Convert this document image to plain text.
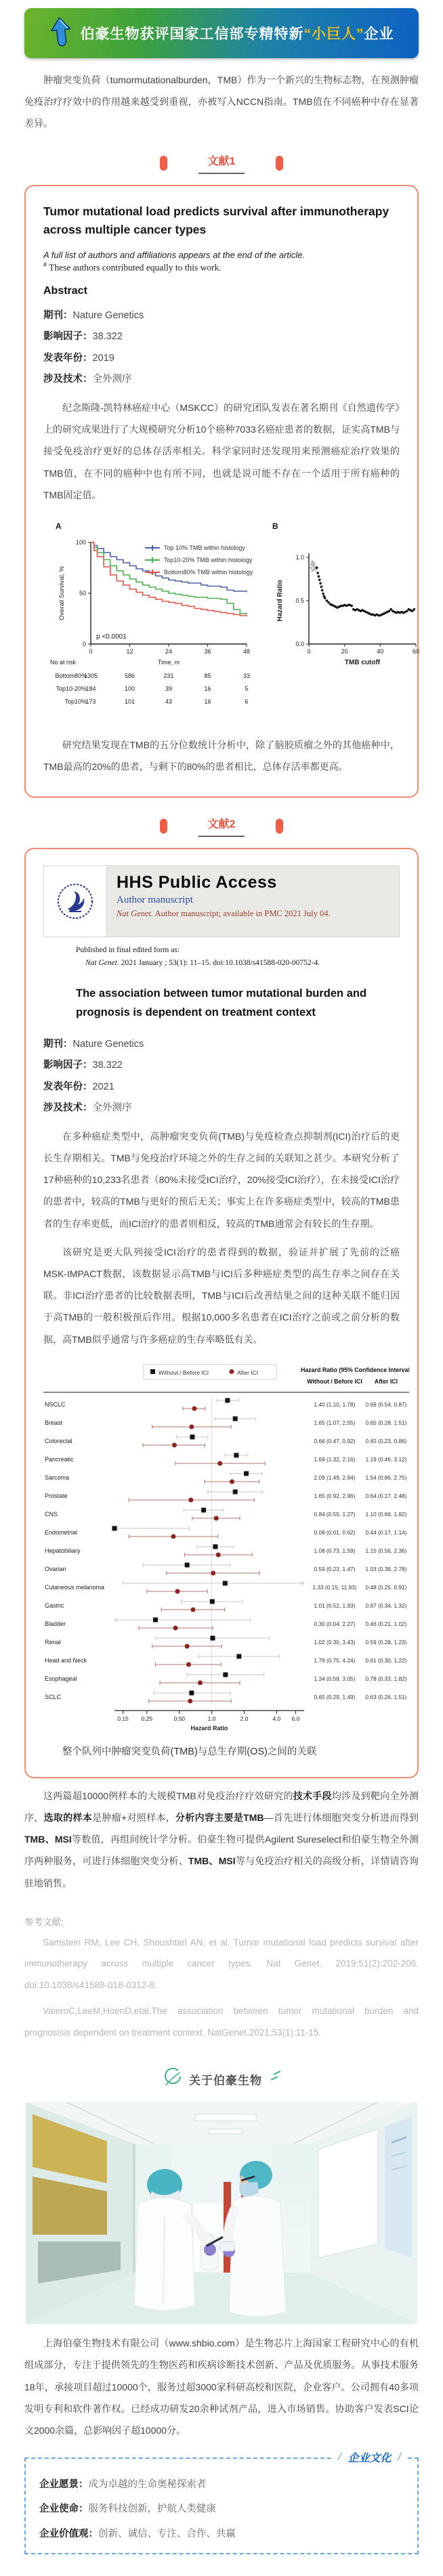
伯豪生物获评国家工信部专精特新“小巨人”企业

肿瘤突变负荷（tumormutationalburden，TMB）作为一个新兴的生物标志物，在预测肿瘤免疫治疗疗效中的作用越来越受到重视，亦被写入NCCN指南。TMB值在不同癌种中存在显著差异。

文献1
Tumor mutational load predicts survival after immunotherapy across multiple cancer types
A full list of authors and affiliations appears at the end of the article.
# These authors contributed equally to this work.
Abstract
期刊：Nature Genetics
影响因子：38.322
发表年份：2019
涉及技术：全外测序

纪念斯隆-凯特林癌症中心（MSKCC）的研究团队发表在著名期刊《自然遗传学》上的研究成果进行了大规模研究分析10个癌种7033名癌症患者的数据，证实高TMB与接受免疫治疗更好的总体存活率相关。科学家同时还发现用来预测癌症治疗效果的TMB值，在不同的癌种中也有所不同，也就是说可能不存在一个适用于所有癌种的TMB固定值。

A
0
50
100
0	12	24	36	48
Overall Survival, %
Top 10% TMB within histology
Top10-20% TMB within histology
Bottom80% TMB within histology
p <0.0001
No at risk	Time, m
Bottom80%
1305	586	231	85	33
Top10-20%
184	100	39	16	5
Top10%
173	101	43	16	6
B
0.0
0.5
1.0
0	20	40	60
Hazard Ratio
TMB cutoff

研究结果发现在TMB的五分位数统计分析中，除了脑胶质瘤之外的其他癌种中，TMB最高的20%的患者，与剩下的80%的患者相比，总体存活率都更高。

文献2
HHS Public Access
Author manuscript
Nat Genet. Author manuscript; available in PMC 2021 July 04.
Published in final edited form as:
Nat Genet. 2021 January ; 53(1): 11–15. doi:10.1038/s41588-020-00752-4.
The association between tumor mutational burden and prognosis is dependent on treatment context
期刊：Nature Genetics
影响因子：38.322
发表年份：2021
涉及技术：全外测序

在多种癌症类型中，高肿瘤突变负荷(TMB)与免疫检查点抑制剂(ICI)治疗后的更长生存期相关。TMB与免疫治疗环境之外的生存之间的关联知之甚少。本研究分析了17种癌种的10,233名患者（80%未接受ICI治疗，20%接受ICI治疗），在未接受ICI治疗的患者中，较高的TMB与更好的预后无关；事实上在许多癌症类型中，较高的TMB患者的生存率更低，而ICI治疗的患者则相反，较高的TMB通常会有较长的生存期。

该研究是更大队列接受ICI治疗的患者得到的数据，验证并扩展了先前的泛癌MSK-IMPACT数据，该数据显示高TMB与ICI后多种癌症类型的高生存率之间存在关联。非ICI治疗患者的比较数据表明，TMB与ICI后改善结果之间的这种关联不能归因于高TMB的一般积极预后作用。根据10,000多名患者在ICI治疗之前或之前分析的数据，高TMB似乎通常与许多癌症的生存率略低有关。

Without / Before ICI	After ICI	Hazard Ratio (95% Confidence Interval)
Without / Before ICI After ICI
NSCLC	1.40 (1.10, 1.78) 0.69 (0.54, 0.87)
Breast	1.65 (1.07, 2.55) 0.65 (0.28, 1.51)
Colorectal	0.66 (0.47, 0.92) 0.45 (0.23, 0.86)
Pancreatic	1.69 (1.32, 2.16) 1.19 (0.46, 3.12)
Sarcoma	2.09 (1.49, 2.94) 1.54 (0.86, 2.75)
Prostate	1.65 (0.92, 2.96) 0.64 (0.17, 2.48)
CNS	0.84 (0.55, 1.27) 1.10 (0.66, 1.82)
Endometrial	0.08 (0.01, 0.62) 0.44 (0.17, 1.14)
Hepatobiliary	1.08 (0.73, 1.59) 1.15 (0.56, 2.36)
Ovarian	0.59 (0.23, 1.47) 1.03 (0.38, 2.78)
Cutaneous melanoma	1.33 (0.15, 11.93) 0.48 (0.25, 0.91)
Gastric	1.01 (0.52, 1.93) 0.67 (0.34, 1.32)
Bladder	0.30 (0.04, 2.27) 0.46 (0.21, 1.02)
Renal	1.02 (0.30, 3.43) 0.59 (0.28, 1.23)
Head and Neck	1.79 (0.75, 4.24) 0.61 (0.30, 1.22)
Esophageal	1.34 (0.59, 3.05) 0.78 (0.33, 1.82)
SCLC	0.65 (0.29, 1.49) 0.63 (0.26, 1.51)
0.15 0.25	0.50	1.0	2.0	4.0 6.0
Hazard Ratio
整个队列中肿瘤突变负荷(TMB)与总生存期(OS)之间的关联

这两篇超10000例样本的大规模TMB对免疫治疗疗效研究的技术手段均涉及到靶向全外测序，选取的样本是肿瘤+对照样本，分析内容主要是TMB—首先进行体细胞突变分析进而得到TMB、MSI等数值，再组间统计学分析。伯豪生物可提供Agilent Sureselect和伯豪生物全外测序两种服务，可进行体细胞突变分析、TMB、MSI等与免疫治疗相关的高级分析，详情请咨询驻地销售。

参考文献:

Samstein RM, Lee CH, Shoushtari AN, et al. Tumor mutational load predicts survival after immunotherapy across multiple cancer types. Nat Genet. 2019;51(2):202-206. doi:10.1038/s41588-018-0312-8.

ValeroC,LeeM,HoenD,etal.The association between tumor mutational burden and prognosisis dependent on treatment context. NatGenet.2021;53(1):11-15.

关于伯豪生物

上海伯豪生物技术有限公司（www.shbio.com）是生物芯片上海国家工程研究中心的有机组成部分，专注于提供领先的生物医药和疾病诊断技术创新、产品及优质服务。从事技术服务18年，承接项目超过10000个，服务过超3000家科研高校和医院，企业客户。公司拥有40多项发明专利和软件著作权。已经成功研发20余种试剂产品，进入市场销售。协助客户发表SCI论文2000余篇，总影响因子超10000分。

/ 企业文化 /
企业愿景：成为卓越的生命奥秘探索者
企业使命：服务科技创新，护航人类健康
企业价值观：创新、诚信、专注、合作、共赢
